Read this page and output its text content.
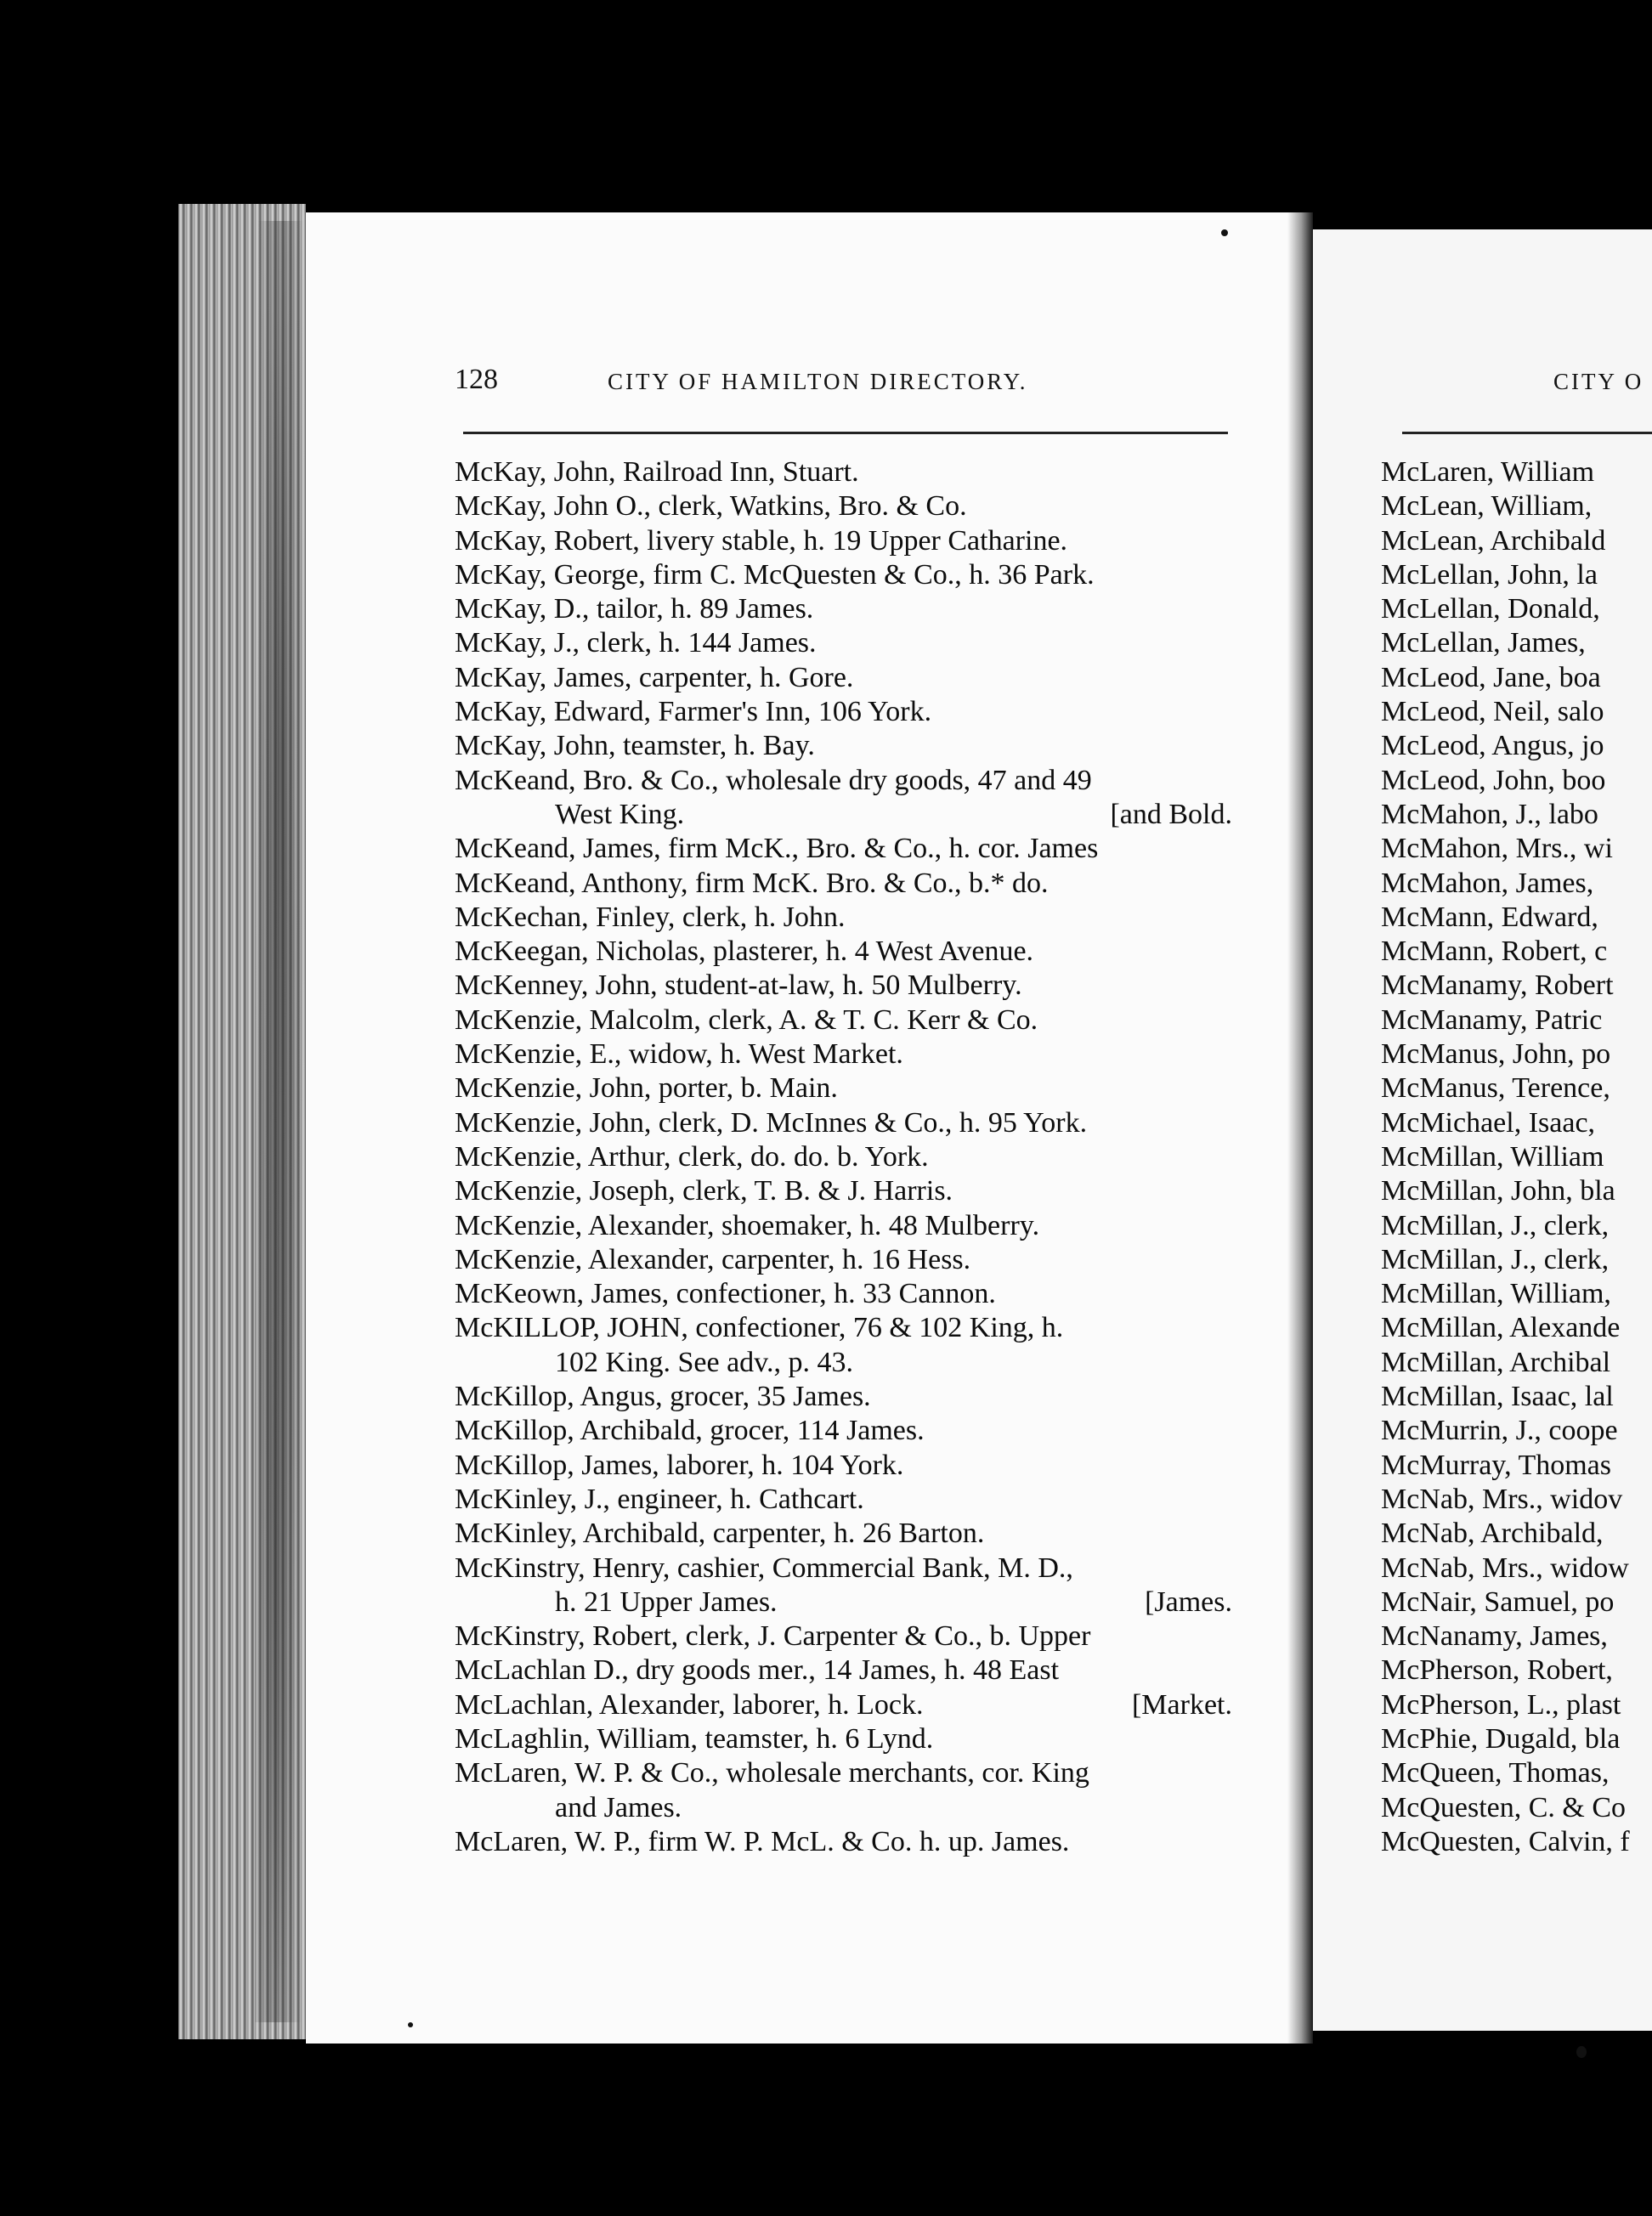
128	CITY OF HAMILTON DIRECTORY.	CITY O
McKay, John, Railroad Inn, Stuart.
McKay, John O., clerk, Watkins, Bro. & Co.
McKay, Robert, livery stable, h. 19 Upper Catharine.
McKay, George, firm C. McQuesten & Co., h. 36 Park.
McKay, D., tailor, h. 89 James.
McKay, J., clerk, h. 144 James.
McKay, James, carpenter, h. Gore.
McKay, Edward, Farmer's Inn, 106 York.
McKay, John, teamster, h. Bay.
McKeand, Bro. & Co., wholesale dry goods, 47 and 49
West King.	[and Bold.
McKeand, James, firm McK., Bro. & Co., h. cor. James
McKeand, Anthony, firm McK. Bro. & Co., b.* do.
McKechan, Finley, clerk, h. John.
McKeegan, Nicholas, plasterer, h. 4 West Avenue.
McKenney, John, student-at-law, h. 50 Mulberry.
McKenzie, Malcolm, clerk, A. & T. C. Kerr & Co.
McKenzie, E., widow, h. West Market.
McKenzie, John, porter, b. Main.
McKenzie, John, clerk, D. McInnes & Co., h. 95 York.
McKenzie, Arthur, clerk, do. do. b. York.
McKenzie, Joseph, clerk, T. B. & J. Harris.
McKenzie, Alexander, shoemaker, h. 48 Mulberry.
McKenzie, Alexander, carpenter, h. 16 Hess.
McKeown, James, confectioner, h. 33 Cannon.
McKILLOP, JOHN, confectioner, 76 & 102 King, h.
102 King. See adv., p. 43.
McKillop, Angus, grocer, 35 James.
McKillop, Archibald, grocer, 114 James.
McKillop, James, laborer, h. 104 York.
McKinley, J., engineer, h. Cathcart.
McKinley, Archibald, carpenter, h. 26 Barton.
McKinstry, Henry, cashier, Commercial Bank, M. D.,
h. 21 Upper James.	[James.
McKinstry, Robert, clerk, J. Carpenter & Co., b. Upper
McLachlan D., dry goods mer., 14 James, h. 48 East
McLachlan, Alexander, laborer, h. Lock.	[Market.
McLaghlin, William, teamster, h. 6 Lynd.
McLaren, W. P. & Co., wholesale merchants, cor. King
and James.
McLaren, W. P., firm W. P. McL. & Co. h. up. James.
McLaren, William
McLean, William,
McLean, Archibald
McLellan, John, la
McLellan, Donald,
McLellan, James,
McLeod, Jane, boa
McLeod, Neil, salo
McLeod, Angus, jo
McLeod, John, boo
McMahon, J., labo
McMahon, Mrs., wi
McMahon, James,
McMann, Edward,
McMann, Robert, c
McManamy, Robert
McManamy, Patric
McManus, John, po
McManus, Terence,
McMichael, Isaac,
McMillan, William
McMillan, John, bla
McMillan, J., clerk,
McMillan, J., clerk,
McMillan, William,
McMillan, Alexande
McMillan, Archibal
McMillan, Isaac, lal
McMurrin, J., coope
McMurray, Thomas
McNab, Mrs., widov
McNab, Archibald,
McNab, Mrs., widow
McNair, Samuel, po
McNanamy, James,
McPherson, Robert,
McPherson, L., plast
McPhie, Dugald, bla
McQueen, Thomas,
McQuesten, C. & Co
McQuesten, Calvin, f
